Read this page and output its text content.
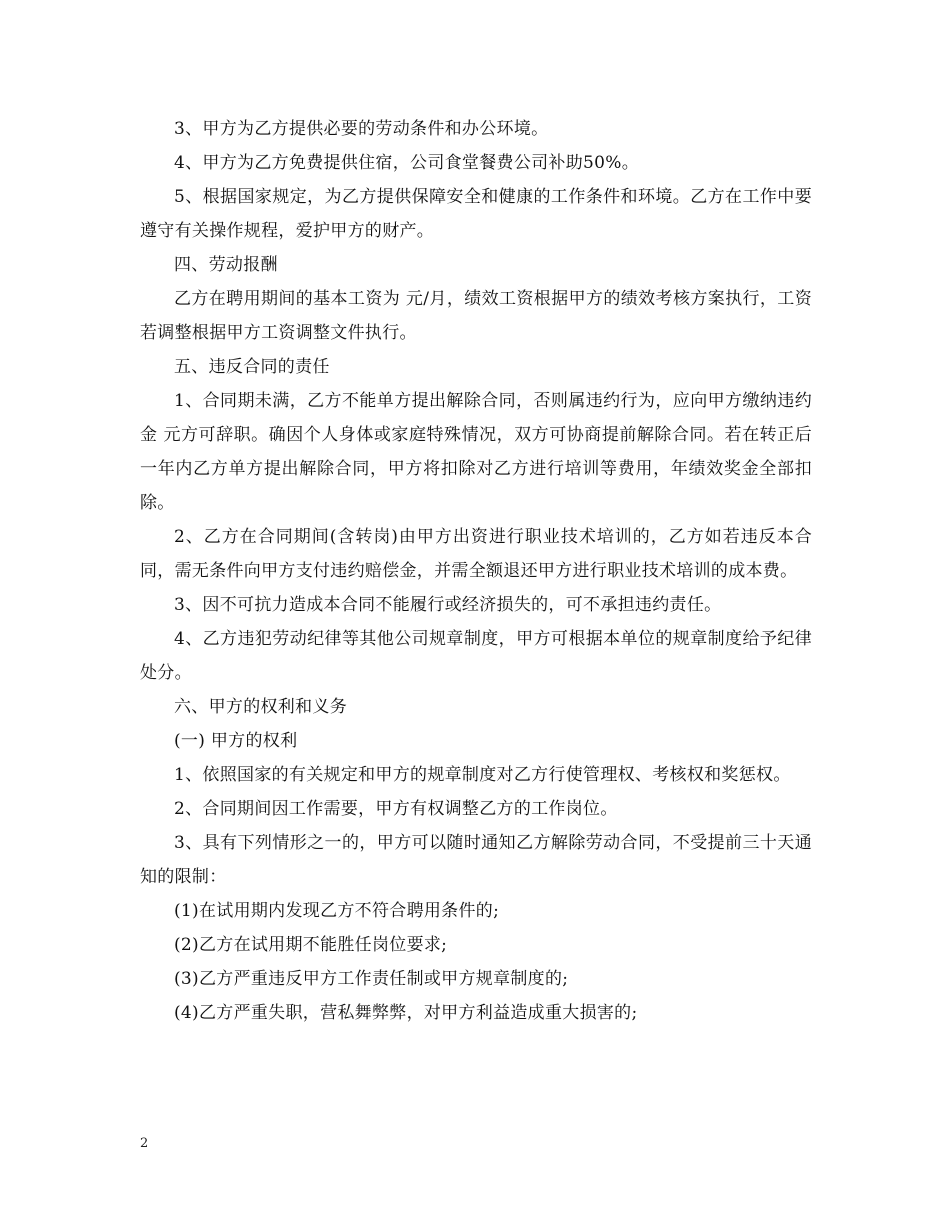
3、甲方为乙方提供必要的劳动条件和办公环境。

4、甲方为乙方免费提供住宿，公司食堂餐费公司补助50%。

5、根据国家规定，为乙方提供保障安全和健康的工作条件和环境。乙方在工作中要遵守有关操作规程，爱护甲方的财产。

四、劳动报酬

乙方在聘用期间的基本工资为 元/月，绩效工资根据甲方的绩效考核方案执行，工资若调整根据甲方工资调整文件执行。

五、违反合同的责任

1、合同期未满，乙方不能单方提出解除合同，否则属违约行为，应向甲方缴纳违约金 元方可辞职。确因个人身体或家庭特殊情况，双方可协商提前解除合同。若在转正后一年内乙方单方提出解除合同，甲方将扣除对乙方进行培训等费用，年绩效奖金全部扣除。

2、乙方在合同期间(含转岗)由甲方出资进行职业技术培训的，乙方如若违反本合同，需无条件向甲方支付违约赔偿金，并需全额退还甲方进行职业技术培训的成本费。

3、因不可抗力造成本合同不能履行或经济损失的，可不承担违约责任。

4、乙方违犯劳动纪律等其他公司规章制度，甲方可根据本单位的规章制度给予纪律处分。

六、甲方的权利和义务

(一) 甲方的权利

1、依照国家的有关规定和甲方的规章制度对乙方行使管理权、考核权和奖惩权。

2、合同期间因工作需要，甲方有权调整乙方的工作岗位。

3、具有下列情形之一的，甲方可以随时通知乙方解除劳动合同，不受提前三十天通知的限制：

(1)在试用期内发现乙方不符合聘用条件的;

(2)乙方在试用期不能胜任岗位要求;

(3)乙方严重违反甲方工作责任制或甲方规章制度的;

(4)乙方严重失职，营私舞弊弊，对甲方利益造成重大损害的;

2
